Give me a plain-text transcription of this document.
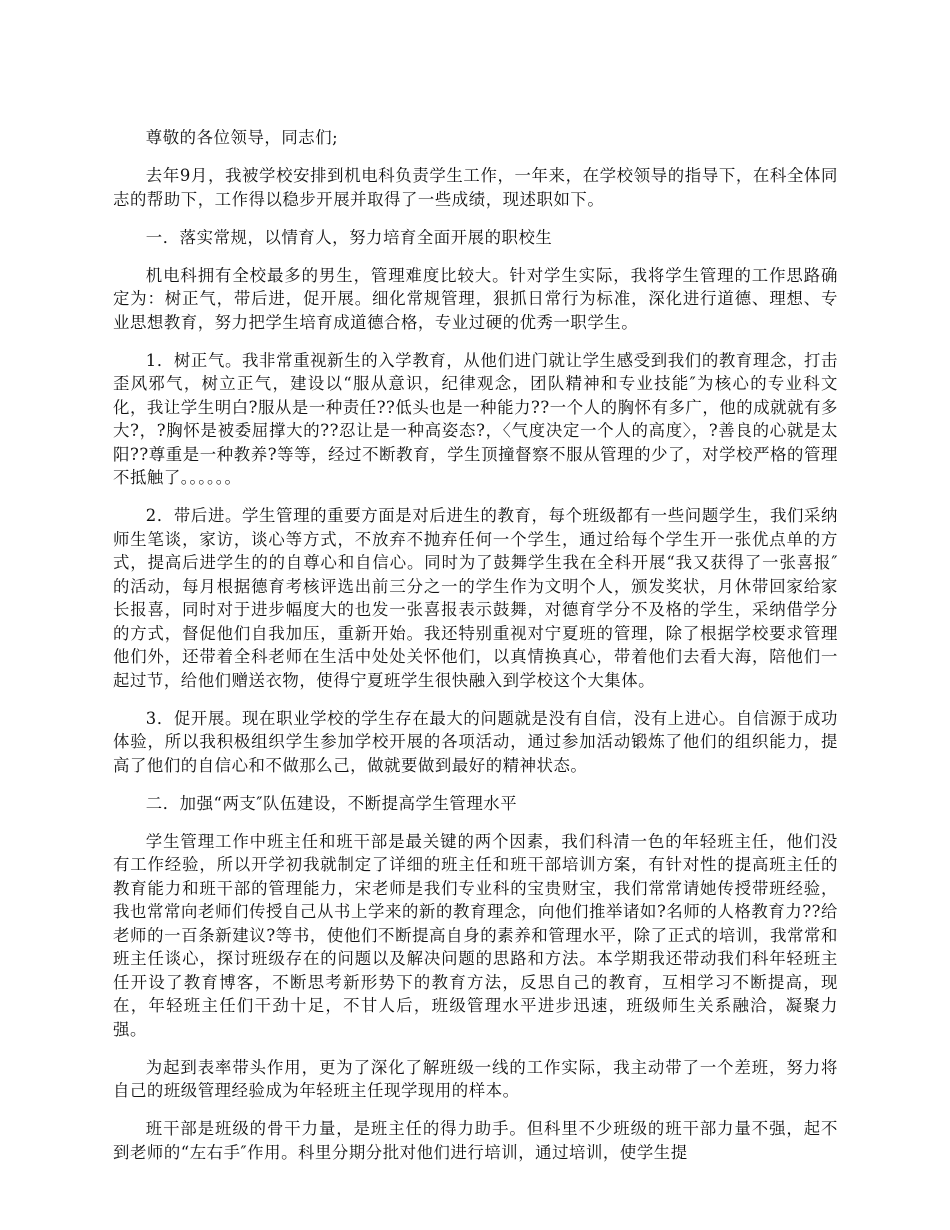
尊敬的各位领导，同志们;

去年9月，我被学校安排到机电科负责学生工作，一年来，在学校领导的指导下，在科全体同志的帮助下，工作得以稳步开展并取得了一些成绩，现述职如下。

一．落实常规，以情育人，努力培育全面开展的职校生

机电科拥有全校最多的男生，管理难度比较大。针对学生实际，我将学生管理的工作思路确定为：树正气，带后进，促开展。细化常规管理，狠抓日常行为标准，深化进行道德、理想、专业思想教育，努力把学生培育成道德合格，专业过硬的优秀一职学生。

1．树正气。我非常重视新生的入学教育，从他们进门就让学生感受到我们的教育理念，打击歪风邪气，树立正气，建设以“服从意识，纪律观念，团队精神和专业技能″为核心的专业科文化，我让学生明白?服从是一种责任??低头也是一种能力??一个人的胸怀有多广，他的成就就有多大?，?胸怀是被委屈撑大的??忍让是一种高姿态?，〈气度决定一个人的高度〉，?善良的心就是太阳??尊重是一种教养?等等，经过不断教育，学生顶撞督察不服从管理的少了，对学校严格的管理不抵触了。。。。。。

2．带后进。学生管理的重要方面是对后进生的教育，每个班级都有一些问题学生，我们采纳师生笔谈，家访，谈心等方式，不放弃不抛弃任何一个学生，通过给每个学生开一张优点单的方式，提高后进学生的的自尊心和自信心。同时为了鼓舞学生我在全科开展“我又获得了一张喜报″的活动，每月根据德育考核评选出前三分之一的学生作为文明个人，颁发奖状，月休带回家给家长报喜，同时对于进步幅度大的也发一张喜报表示鼓舞，对德育学分不及格的学生，采纳借学分的方式，督促他们自我加压，重新开始。我还特别重视对宁夏班的管理，除了根据学校要求管理他们外，还带着全科老师在生活中处处关怀他们，以真情换真心，带着他们去看大海，陪他们一起过节，给他们赠送衣物，使得宁夏班学生很快融入到学校这个大集体。

3．促开展。现在职业学校的学生存在最大的问题就是没有自信，没有上进心。自信源于成功体验，所以我积极组织学生参加学校开展的各项活动，通过参加活动锻炼了他们的组织能力，提高了他们的自信心和不做那么己，做就要做到最好的精神状态。

二．加强“两支″队伍建设，不断提高学生管理水平

学生管理工作中班主任和班干部是最关键的两个因素，我们科清一色的年轻班主任，他们没有工作经验，所以开学初我就制定了详细的班主任和班干部培训方案，有针对性的提高班主任的教育能力和班干部的管理能力，宋老师是我们专业科的宝贵财宝，我们常常请她传授带班经验，我也常常向老师们传授自己从书上学来的新的教育理念，向他们推举诸如?名师的人格教育力??给老师的一百条新建议?等书，使他们不断提高自身的素养和管理水平，除了正式的培训，我常常和班主任谈心，探讨班级存在的问题以及解决问题的思路和方法。本学期我还带动我们科年轻班主任开设了教育博客，不断思考新形势下的教育方法，反思自己的教育，互相学习不断提高，现在，年轻班主任们干劲十足，不甘人后，班级管理水平进步迅速，班级师生关系融洽，凝聚力强。

为起到表率带头作用，更为了深化了解班级一线的工作实际，我主动带了一个差班，努力将自己的班级管理经验成为年轻班主任现学现用的样本。

班干部是班级的骨干力量，是班主任的得力助手。但科里不少班级的班干部力量不强，起不到老师的“左右手″作用。科里分期分批对他们进行培训，通过培训，使学生提
